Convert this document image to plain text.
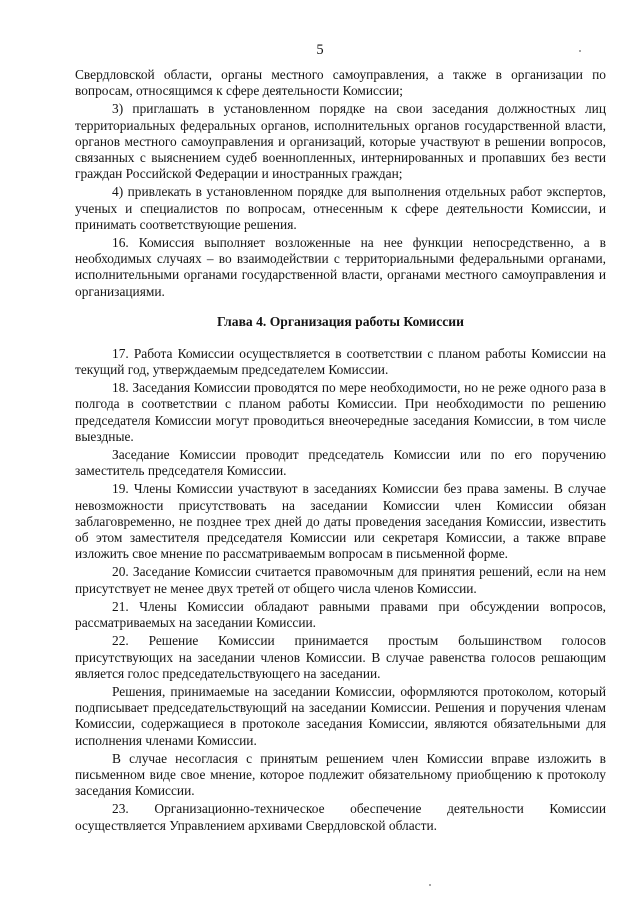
5

Свердловской области, органы местного самоуправления, а также в организации по вопросам, относящимся к сфере деятельности Комиссии;

3) приглашать в установленном порядке на свои заседания должностных лиц территориальных федеральных органов, исполнительных органов государственной власти, органов местного самоуправления и организаций, которые участвуют в решении вопросов, связанных с выяснением судеб военнопленных, интернированных и пропавших без вести граждан Российской Федерации и иностранных граждан;

4) привлекать в установленном порядке для выполнения отдельных работ экспертов, ученых и специалистов по вопросам, отнесенным к сфере деятельности Комиссии, и принимать соответствующие решения.

16. Комиссия выполняет возложенные на нее функции непосредственно, а в необходимых случаях – во взаимодействии с территориальными федеральными органами, исполнительными органами государственной власти, органами местного самоуправления и организациями.

Глава 4. Организация работы Комиссии

17. Работа Комиссии осуществляется в соответствии с планом работы Комиссии на текущий год, утверждаемым председателем Комиссии.

18. Заседания Комиссии проводятся по мере необходимости, но не реже одного раза в полгода в соответствии с планом работы Комиссии. При необходимости по решению председателя Комиссии могут проводиться внеочередные заседания Комиссии, в том числе выездные.

Заседание Комиссии проводит председатель Комиссии или по его поручению заместитель председателя Комиссии.

19. Члены Комиссии участвуют в заседаниях Комиссии без права замены. В случае невозможности присутствовать на заседании Комиссии член Комиссии обязан заблаговременно, не позднее трех дней до даты проведения заседания Комиссии, известить об этом заместителя председателя Комиссии или секретаря Комиссии, а также вправе изложить свое мнение по рассматриваемым вопросам в письменной форме.

20. Заседание Комиссии считается правомочным для принятия решений, если на нем присутствует не менее двух третей от общего числа членов Комиссии.

21. Члены Комиссии обладают равными правами при обсуждении вопросов, рассматриваемых на заседании Комиссии.

22. Решение Комиссии принимается простым большинством голосов присутствующих на заседании членов Комиссии. В случае равенства голосов решающим является голос председательствующего на заседании.

Решения, принимаемые на заседании Комиссии, оформляются протоколом, который подписывает председательствующий на заседании Комиссии. Решения и поручения членам Комиссии, содержащиеся в протоколе заседания Комиссии, являются обязательными для исполнения членами Комиссии.

В случае несогласия с принятым решением член Комиссии вправе изложить в письменном виде свое мнение, которое подлежит обязательному приобщению к протоколу заседания Комиссии.

23. Организационно-техническое обеспечение деятельности Комиссии осуществляется Управлением архивами Свердловской области.
